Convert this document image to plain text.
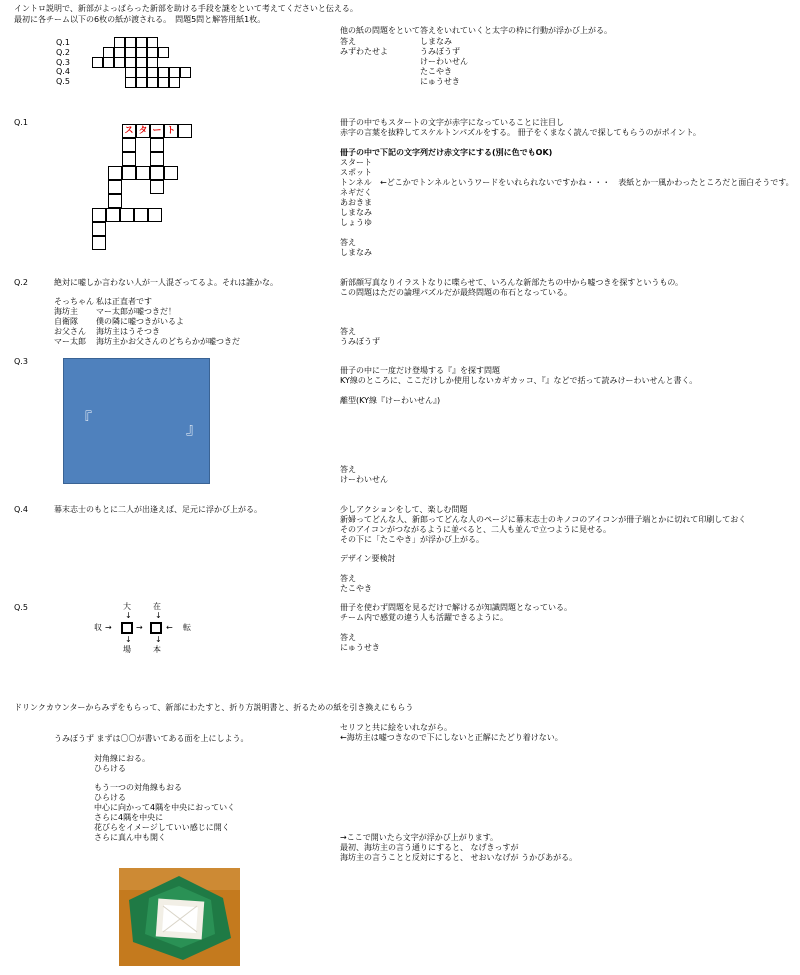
イントロ説明で、新部がよっぱらった新部を助ける手段を謎をといて考えてくださいと伝える。
最初に各チーム以下の6枚の紙が渡される。　問題5問と解答用紙1枚。
Q.1
Q.2
Q.3
Q.4
Q.5
他の紙の問題をといて答えをいれていくと太字の枠に行動が浮かび上がる。
答え
みずわたせよ
しまなみ
うみぼうず
けーわいせん
たこやき
にゅうせき
Q.1
ス タ ー ト
冊子の中でもスタートの文字が赤字になっていることに注目し
赤字の言葉を抜粋してスケルトンパズルをする。 冊子をくまなく読んで探してもらうのがポイント。
冊子の中で下記の文字列だけ赤文字にする(別に色でもOK)
スタート
スポット
トンネル ←どこかでトンネルというワードをいれられないですかね・・・　表紙とか一風かわったところだと面白そうです。
ネギだく
あおきま
しまなみ
しょうゆ
答え
しまなみ
Q.2	絶対に嘘しか言わない人が一人混ざってるよ。それは誰かな。
そっちゃん 私は正直者です
海坊主 マー太郎が嘘つきだ！
自衛隊 僕の隣に嘘つきがいるよ
お父さん 海坊主はうそつき
マー太郎 海坊主かお父さんのどちらかが嘘つきだ
新部顔写真なりイラストなりに喋らせて、いろんな新部たちの中から嘘つきを探すというもの。
この問題はただの論理パズルだが最終問題の布石となっている。
答え
うみぼうず
Q.3
『
』
冊子の中に一度だけ登場する『』を探す問題
KY線のところに、ここだけしか使用しないカギカッコ、『』などで括って読みけーわいせんと書く。
離型(KY線『けーわいせん』)
答え
けーわいせん
Q.4	幕末志士のもとに二人が出逢えば、足元に浮かび上がる。	少しアクションをして、楽しむ問題
新婦ってどんな人、新郎ってどんな人のページに幕末志士のキノコのアイコンが冊子端とかに切れて印刷しておく
そのアイコンがつながるように並べると、二人も並んで立つように見せる。
その下に「たこやき」が浮かび上がる。
デザイン要検討
答え
たこやき
Q.5	大	在
↓	↓
収 →	→	← 転
↓	↓
場	本
冊子を使わず問題を見るだけで解けるが知識問題となっている。
チーム内で感覚の違う人も活躍できるように。
答え
にゅうせき
ドリンクカウンターからみずをもらって、新部にわたすと、折り方説明書と、折るための紙を引き換えにもらう
うみぼうず まずは〇〇が書いてある面を上にしよう。
対角線におる。
ひらける
もう一つの対角線もおる
ひらける
中心に向かって4隅を中央におっていく
さらに4隅を中央に
花びらをイメージしていい感じに開く
さらに真ん中も開く
セリフと共に絵をいれながら。
←海坊主は嘘つきなので下にしないと正解にたどり着けない。
→ここで開いたら文字が浮かび上がります。
最初、海坊主の言う通りにすると、 なげきっすが
海坊主の言うことと反対にすると、 せおいなげが うかびあがる。
